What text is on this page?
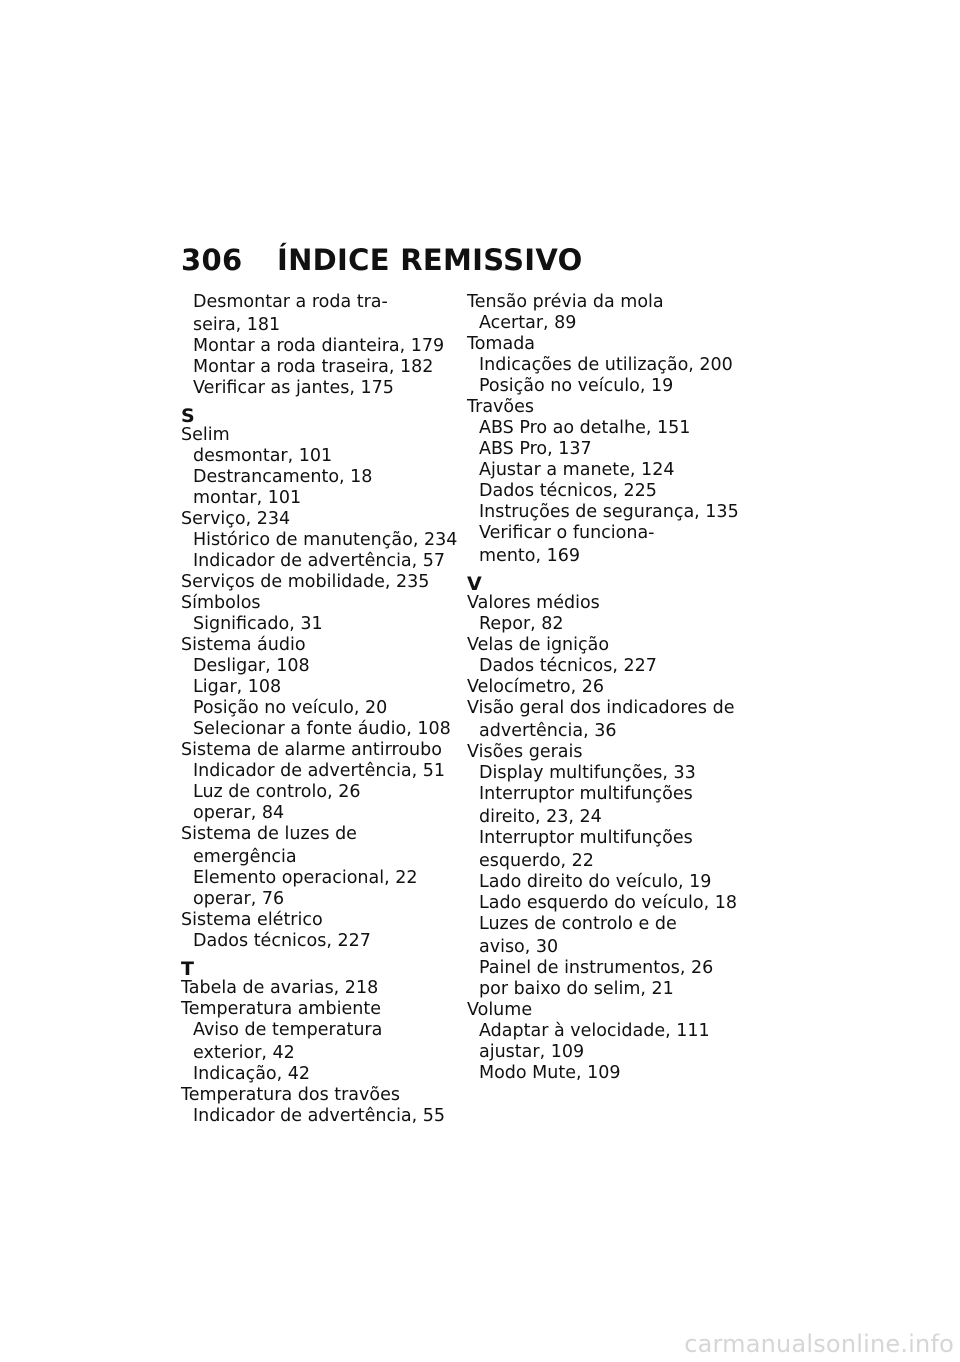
306 ÍNDICE REMISSIVO
Desmontar a roda tra-
seira, 181
Montar a roda dianteira, 179
Montar a roda traseira, 182
Verificar as jantes, 175
S
Selim
desmontar, 101
Destrancamento, 18
montar, 101
Serviço, 234
Histórico de manutenção, 234
Indicador de advertência, 57
Serviços de mobilidade, 235
Símbolos
Significado, 31
Sistema áudio
Desligar, 108
Ligar, 108
Posição no veículo, 20
Selecionar a fonte áudio, 108
Sistema de alarme antirroubo
Indicador de advertência, 51
Luz de controlo, 26
operar, 84
Sistema de luzes de
emergência
Elemento operacional, 22
operar, 76
Sistema elétrico
Dados técnicos, 227
T
Tabela de avarias, 218
Temperatura ambiente
Aviso de temperatura
exterior, 42
Indicação, 42
Temperatura dos travões
Indicador de advertência, 55
Tensão prévia da mola
Acertar, 89
Tomada
Indicações de utilização, 200
Posição no veículo, 19
Travões
ABS Pro ao detalhe, 151
ABS Pro, 137
Ajustar a manete, 124
Dados técnicos, 225
Instruções de segurança, 135
Verificar o funciona-
mento, 169
V
Valores médios
Repor, 82
Velas de ignição
Dados técnicos, 227
Velocímetro, 26
Visão geral dos indicadores de
advertência, 36
Visões gerais
Display multifunções, 33
Interruptor multifunções
direito, 23, 24
Interruptor multifunções
esquerdo, 22
Lado direito do veículo, 19
Lado esquerdo do veículo, 18
Luzes de controlo e de
aviso, 30
Painel de instrumentos, 26
por baixo do selim, 21
Volume
Adaptar à velocidade, 111
ajustar, 109
Modo Mute, 109
carmanualsonline.info
